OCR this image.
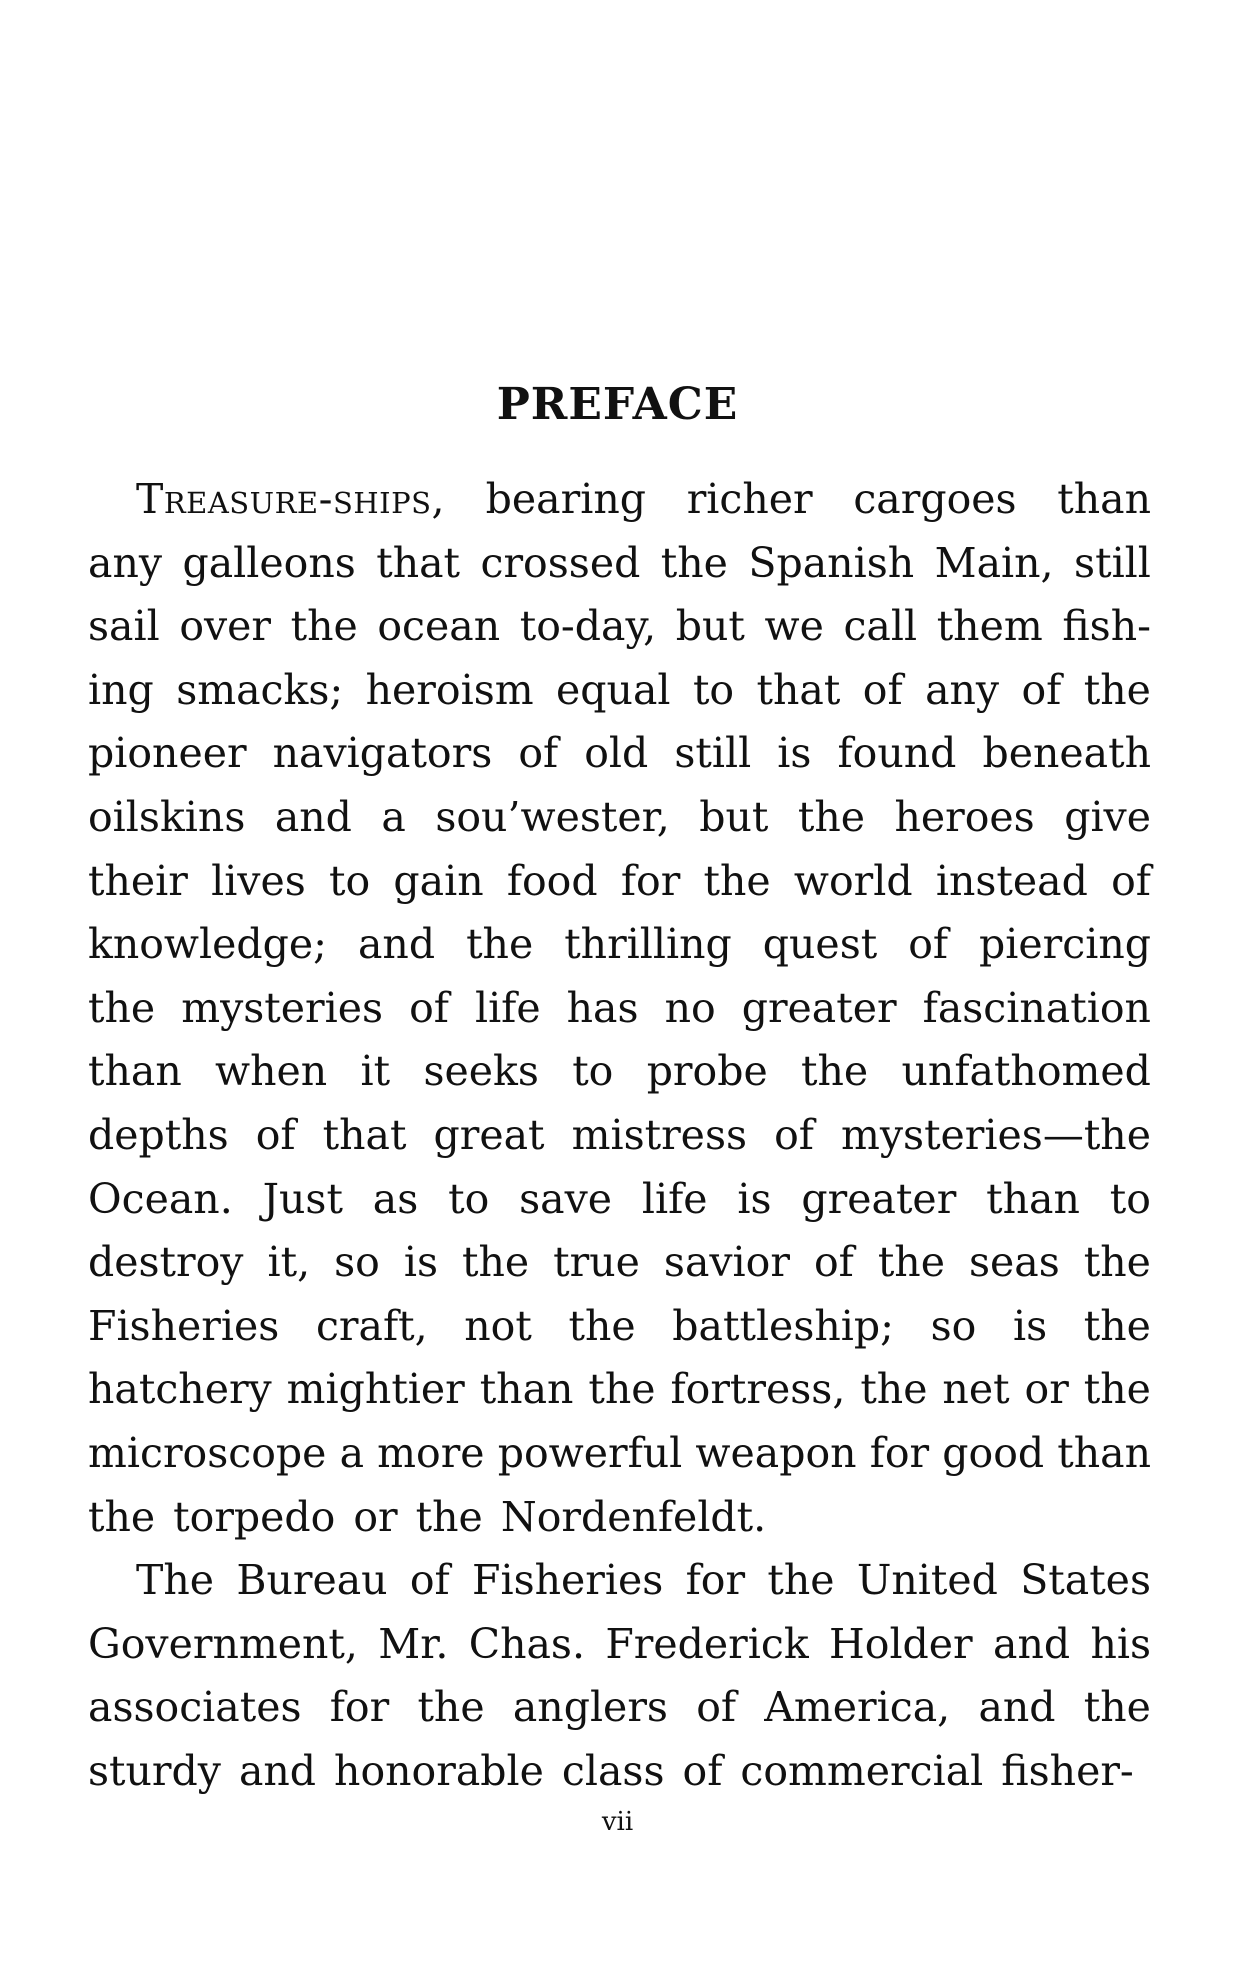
PREFACE
Treasure-ships, bearing richer cargoes than
any galleons that crossed the Spanish Main, still
sail over the ocean to-day, but we call them fish-
ing smacks; heroism equal to that of any of the
pioneer navigators of old still is found beneath
oilskins and a sou’wester, but the heroes give
their lives to gain food for the world instead of
knowledge; and the thrilling quest of piercing
the mysteries of life has no greater fascination
than when it seeks to probe the unfathomed
depths of that great mistress of mysteries—the
Ocean. Just as to save life is greater than to
destroy it, so is the true savior of the seas the
Fisheries craft, not the battleship; so is the
hatchery mightier than the fortress, the net or the
microscope a more powerful weapon for good than
the torpedo or the Nordenfeldt.
The Bureau of Fisheries for the United States
Government, Mr. Chas. Frederick Holder and his
associates for the anglers of America, and the
sturdy and honorable class of commercial fisher-
vii
